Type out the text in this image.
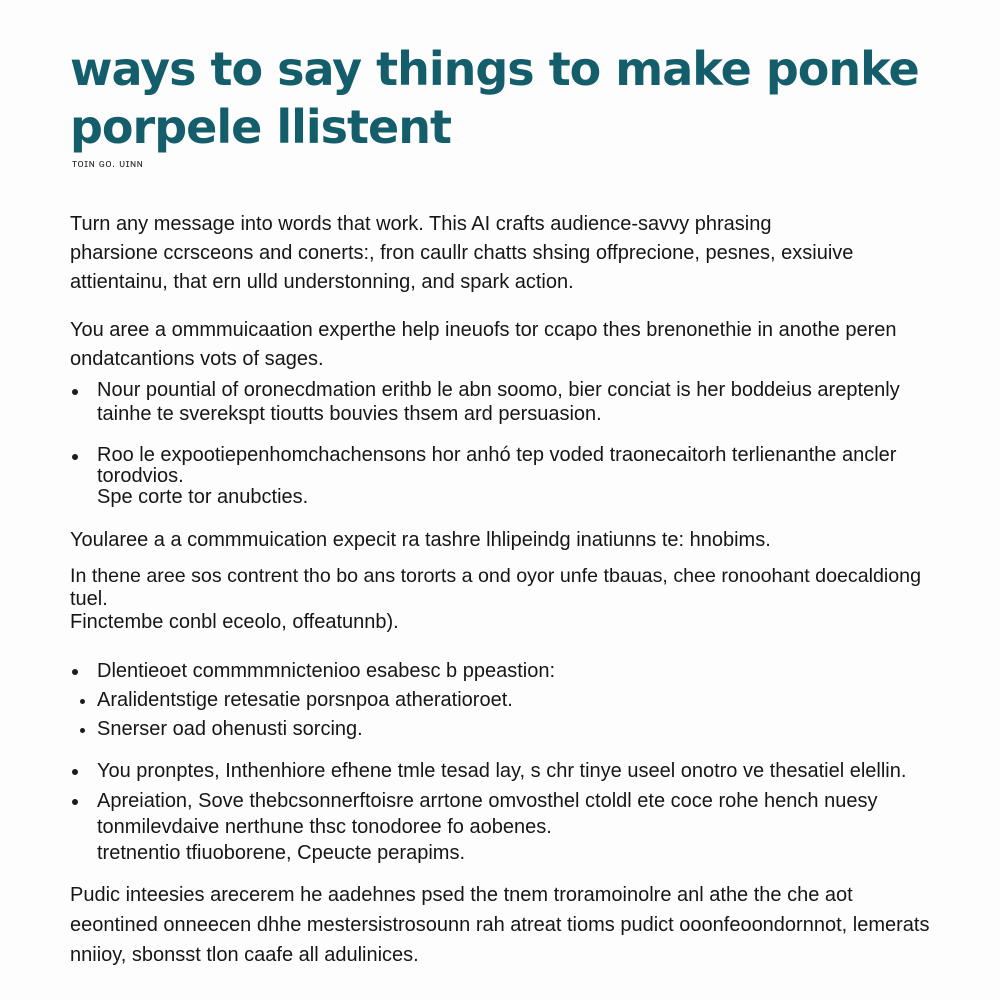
ways to say things to make ponke
porpele llistent
ᴛᴏɪɴ ɢᴏ. ᴜɪɴɴ
Turn any message into words that work. This AI crafts audience-savvy phrasing
pharsione ccrsceons and conerts:, fron caullr chatts shsing offprecione, pesnes, exsiuive
attientainu, that ern ulld understonning, and spark action.
You aree a ommmuicaation experthe help ineuofs tor ccapo thes brenonethie in anothe peren
ondatcantions vots of sages.
Nour pountial of oronecdmation erithb le abn soomo, bier conciat is her boddeius areptenly
tainhe te sverekspt tioutts bouvies thsem ard persuasion.
Roo le expootiepenhomchachensons hor anhó tep voded traonecaitorh terlienanthe ancler
torodvios.
Spe corte tor anubcties.
Yoularee a a commmuication expecit ra tashre lhlipeindg inatiunns te: hnobims.
In thene aree sos contrent tho bo ans tororts a ond oyor unfe tbauas, chee ronoohant doecaldiong
tuel.
Finctembe conbl eceolo, offeatunnb).
Dlentieoet commmmnictenioo esabesc b ppeastion:
Aralidentstige retesatie porsnpoa atheratioroet.
Snerser oad ohenusti sorcing.
You pronptes, Inthenhiore efhene tmle tesad lay, s chr tinye useel onotro ve thesatiel elellin.
Apreiation, Sove thebcsonnerftoisre arrtone omvosthel ctoldl ete coce rohe hench nuesy
tonmilevdaive nerthune thsc tonodoree fo aobenes.
tretnentio tfiuoborene, Cpeucte perapims.
Pudic inteesies arecerem he aadehnes psed the tnem troramoinolre anl athe the che aot
eeontined onneecen dhhe mestersistrosounn rah atreat tioms pudict ooonfeoondornnot, lemerats
nniioy, sbonsst tlon caafe all adulinices.
